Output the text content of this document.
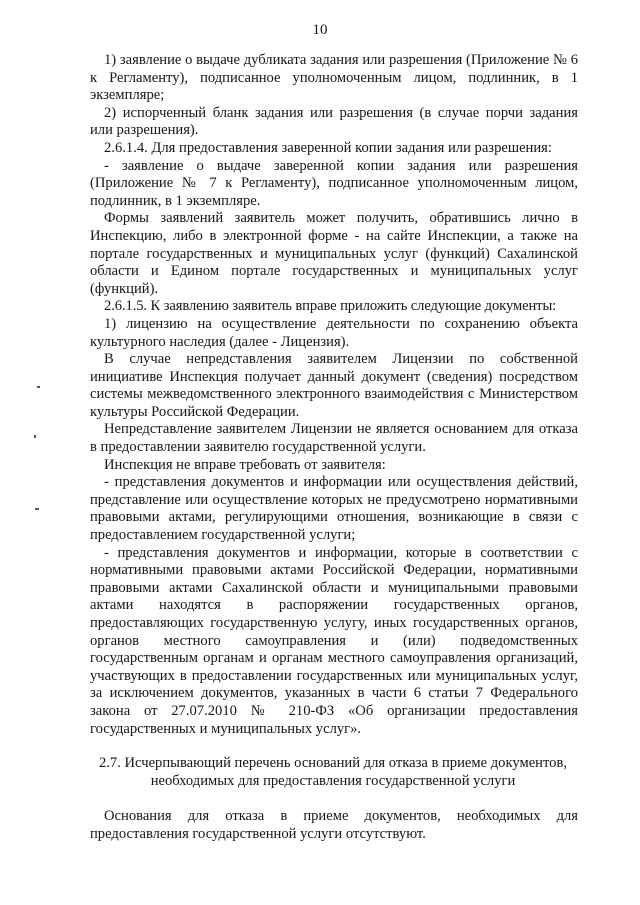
10

1) заявление о выдаче дубликата задания или разрешения (Приложение № 6 к Регламенту), подписанное уполномоченным лицом, подлинник, в 1 экземпляре;

2) испорченный бланк задания или разрешения (в случае порчи задания или разрешения).

2.6.1.4. Для предоставления заверенной копии задания или разрешения:

- заявление о выдаче заверенной копии задания или разрешения (Приложение № 7 к Регламенту), подписанное уполномоченным лицом, подлинник, в 1 экземпляре.

Формы заявлений заявитель может получить, обратившись лично в Инспекцию, либо в электронной форме - на сайте Инспекции, а также на портале государственных и муниципальных услуг (функций) Сахалинской области и Едином портале государственных и муниципальных услуг (функций).

2.6.1.5. К заявлению заявитель вправе приложить следующие документы:

1) лицензию на осуществление деятельности по сохранению объекта культурного наследия (далее - Лицензия).

В случае непредставления заявителем Лицензии по собственной инициативе Инспекция получает данный документ (сведения) посредством системы межведомственного электронного взаимодействия с Министерством культуры Российской Федерации.

Непредставление заявителем Лицензии не является основанием для отказа в предоставлении заявителю государственной услуги.

Инспекция не вправе требовать от заявителя:

- представления документов и информации или осуществления действий, представление или осуществление которых не предусмотрено нормативными правовыми актами, регулирующими отношения, возникающие в связи с предоставлением государственной услуги;

- представления документов и информации, которые в соответствии с нормативными правовыми актами Российской Федерации, нормативными правовыми актами Сахалинской области и муниципальными правовыми актами находятся в распоряжении государственных органов, предоставляющих государственную услугу, иных государственных органов, органов местного самоуправления и (или) подведомственных государственным органам и органам местного самоуправления организаций, участвующих в предоставлении государственных или муниципальных услуг, за исключением документов, указанных в части 6 статьи 7 Федерального закона от 27.07.2010 № 210-ФЗ «Об организации предоставления государственных и муниципальных услуг».

2.7. Исчерпывающий перечень оснований для отказа в приеме документов, необходимых для предоставления государственной услуги

Основания для отказа в приеме документов, необходимых для предоставления государственной услуги отсутствуют.
